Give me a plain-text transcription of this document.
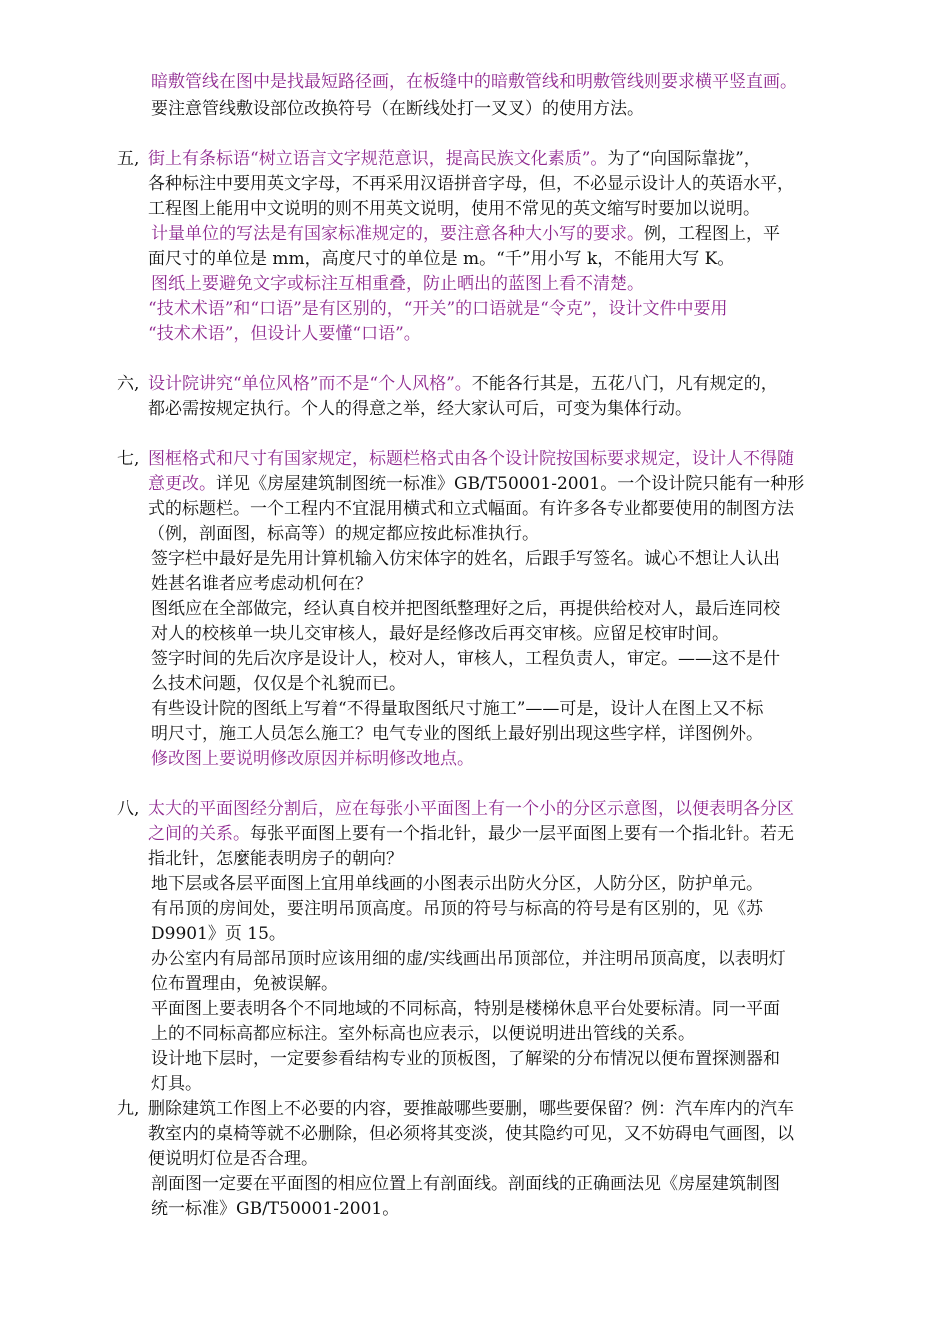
暗敷管线在图中是找最短路径画，在板缝中的暗敷管线和明敷管线则要求横平竖直画。
要注意管线敷设部位改换符号（在断线处打一叉叉）的使用方法。
五, 街上有条标语“树立语言文字规范意识，提高民族文化素质”。为了“向国际靠拢”，
各种标注中要用英文字母，不再采用汉语拼音字母，但，不必显示设计人的英语水平，
工程图上能用中文说明的则不用英文说明，使用不常见的英文缩写时要加以说明。
计量单位的写法是有国家标准规定的，要注意各种大小写的要求。例，工程图上，平
面尺寸的单位是 mm，高度尺寸的单位是 m。“千”用小写 k，不能用大写 K。
图纸上要避免文字或标注互相重叠，防止晒出的蓝图上看不清楚。
“技术术语”和“口语”是有区别的，“开关”的口语就是“令克”，设计文件中要用
“技术术语”，但设计人要懂“口语”。
六, 设计院讲究“单位风格”而不是“个人风格”。不能各行其是，五花八门，凡有规定的，
都必需按规定执行。个人的得意之举，经大家认可后，可变为集体行动。
七, 图框格式和尺寸有国家规定，标题栏格式由各个设计院按国标要求规定，设计人不得随
意更改。详见《房屋建筑制图统一标准》GB/T50001-2001。一个设计院只能有一种形
式的标题栏。一个工程内不宜混用横式和立式幅面。有许多各专业都要使用的制图方法
（例，剖面图，标高等）的规定都应按此标准执行。
签字栏中最好是先用计算机输入仿宋体字的姓名，后跟手写签名。诚心不想让人认出
姓甚名谁者应考虑动机何在？
图纸应在全部做完，经认真自校并把图纸整理好之后，再提供给校对人，最后连同校
对人的校核单一块儿交审核人，最好是经修改后再交审核。应留足校审时间。
签字时间的先后次序是设计人，校对人，审核人，工程负责人，审定。——这不是什
么技术问题，仅仅是个礼貌而已。
有些设计院的图纸上写着“不得量取图纸尺寸施工”——可是，设计人在图上又不标
明尺寸，施工人员怎么施工？电气专业的图纸上最好别出现这些字样，详图例外。
修改图上要说明修改原因并标明修改地点。
八, 太大的平面图经分割后，应在每张小平面图上有一个小的分区示意图，以便表明各分区
之间的关系。每张平面图上要有一个指北针，最少一层平面图上要有一个指北针。若无
指北针，怎麼能表明房子的朝向？
地下层或各层平面图上宜用单线画的小图表示出防火分区，人防分区，防护单元。
有吊顶的房间处，要注明吊顶高度。吊顶的符号与标高的符号是有区别的，见《苏
D9901》页 15。
办公室内有局部吊顶时应该用细的虚/实线画出吊顶部位，并注明吊顶高度，以表明灯
位布置理由，免被误解。
平面图上要表明各个不同地域的不同标高，特别是楼梯休息平台处要标清。同一平面
上的不同标高都应标注。室外标高也应表示，以便说明进出管线的关系。
设计地下层时，一定要参看结构专业的顶板图，了解梁的分布情况以便布置探测器和
灯具。
九, 删除建筑工作图上不必要的内容，要推敲哪些要删，哪些要保留？例：汽车库内的汽车
教室内的桌椅等就不必删除，但必须将其变淡，使其隐约可见，又不妨碍电气画图，以
便说明灯位是否合理。
剖面图一定要在平面图的相应位置上有剖面线。剖面线的正确画法见《房屋建筑制图
统一标准》GB/T50001-2001。
